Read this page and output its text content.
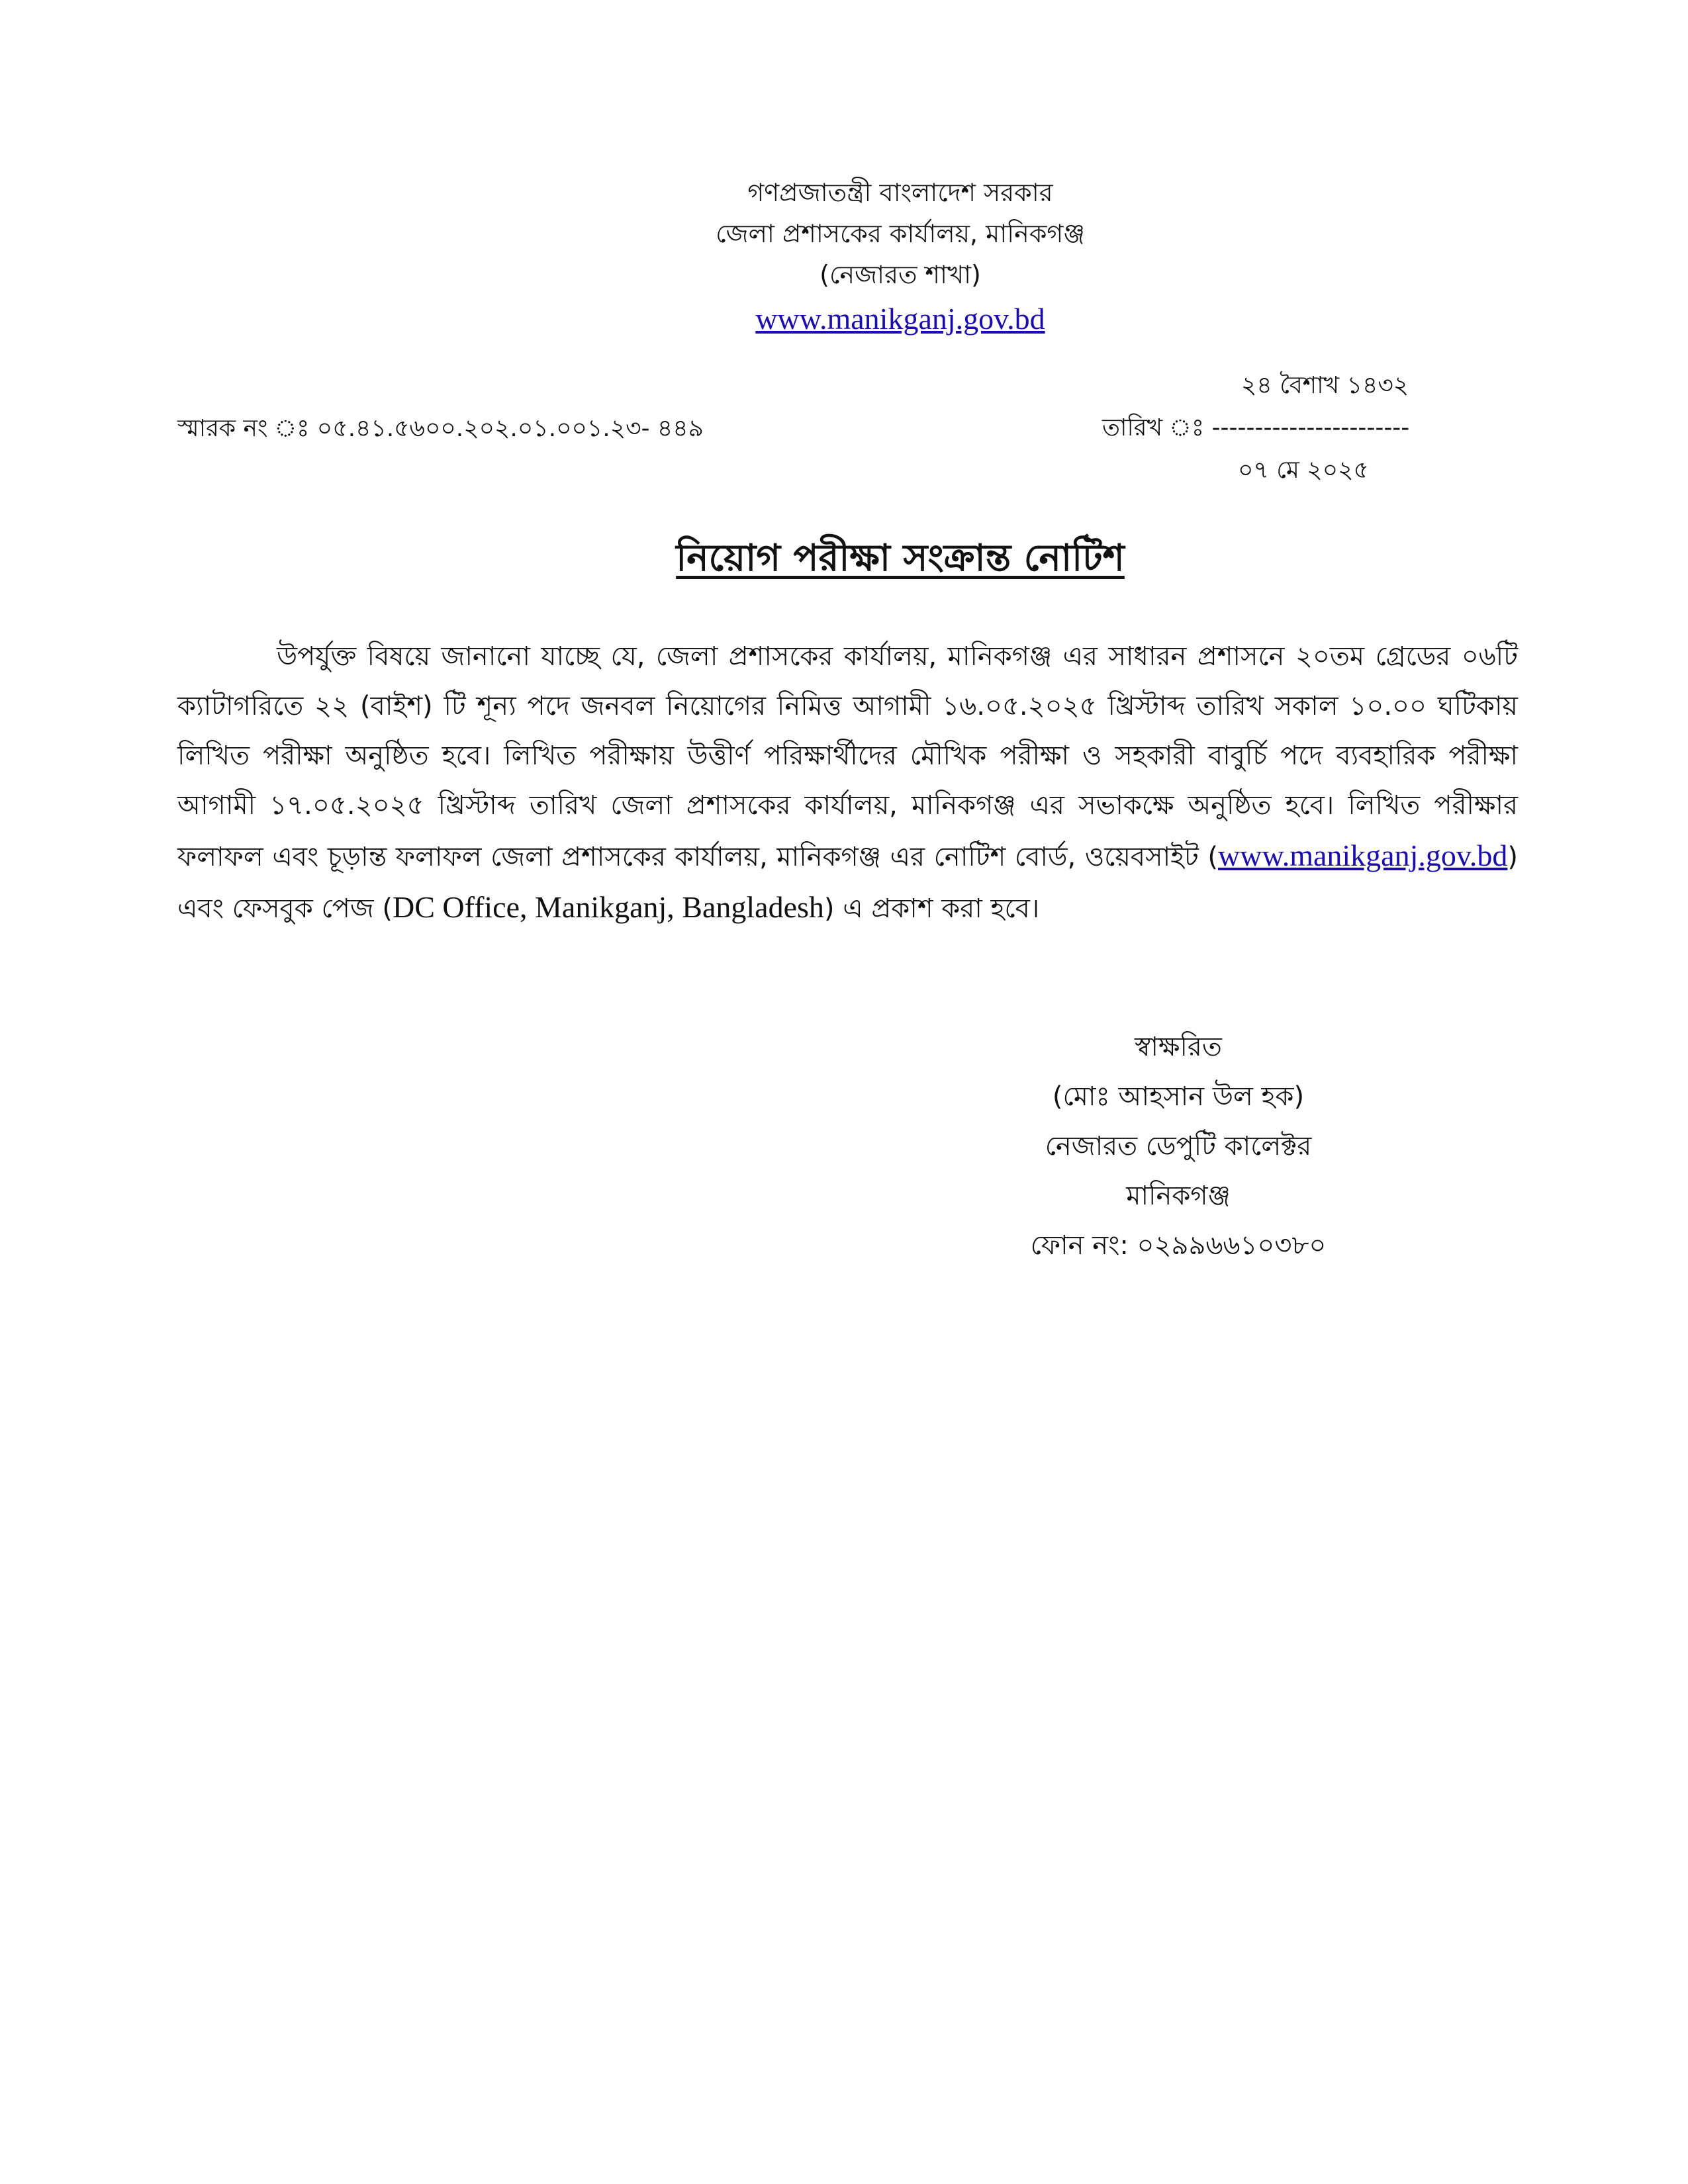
গণপ্রজাতন্ত্রী বাংলাদেশ সরকার
জেলা প্রশাসকের কার্যালয়, মানিকগঞ্জ
(নেজারত শাখা)
www.manikganj.gov.bd
স্মারক নং ঃ ০৫.৪১.৫৬০০.২০২.০১.০০১.২৩- ৪৪৯
২৪ বৈশাখ ১৪৩২
তারিখ ঃ -----------------------
০৭ মে ২০২৫
নিয়োগ পরীক্ষা সংক্রান্ত নোটিশ
উপর্যুক্ত বিষয়ে জানানো যাচ্ছে যে, জেলা প্রশাসকের কার্যালয়, মানিকগঞ্জ এর সাধারন প্রশাসনে ২০তম গ্রেডের ০৬টি ক্যাটাগরিতে ২২ (বাইশ) টি শূন্য পদে জনবল নিয়োগের নিমিত্ত আগামী ১৬.০৫.২০২৫ খ্রিস্টাব্দ তারিখ সকাল ১০.০০ ঘটিকায় লিখিত পরীক্ষা অনুষ্ঠিত হবে। লিখিত পরীক্ষায় উত্তীর্ণ পরিক্ষার্থীদের মৌখিক পরীক্ষা ও সহকারী বাবুর্চি পদে ব্যবহারিক পরীক্ষা আগামী ১৭.০৫.২০২৫ খ্রিস্টাব্দ তারিখ জেলা প্রশাসকের কার্যালয়, মানিকগঞ্জ এর সভাকক্ষে অনুষ্ঠিত হবে। লিখিত পরীক্ষার ফলাফল এবং চূড়ান্ত ফলাফল জেলা প্রশাসকের কার্যালয়, মানিকগঞ্জ এর নোটিশ বোর্ড, ওয়েবসাইট (www.manikganj.gov.bd) এবং ফেসবুক পেজ (DC Office, Manikganj, Bangladesh) এ প্রকাশ করা হবে।
স্বাক্ষরিত
(মোঃ আহসান উল হক)
নেজারত ডেপুটি কালেক্টর
মানিকগঞ্জ
ফোন নং: ০২৯৯৬৬১০৩৮০
